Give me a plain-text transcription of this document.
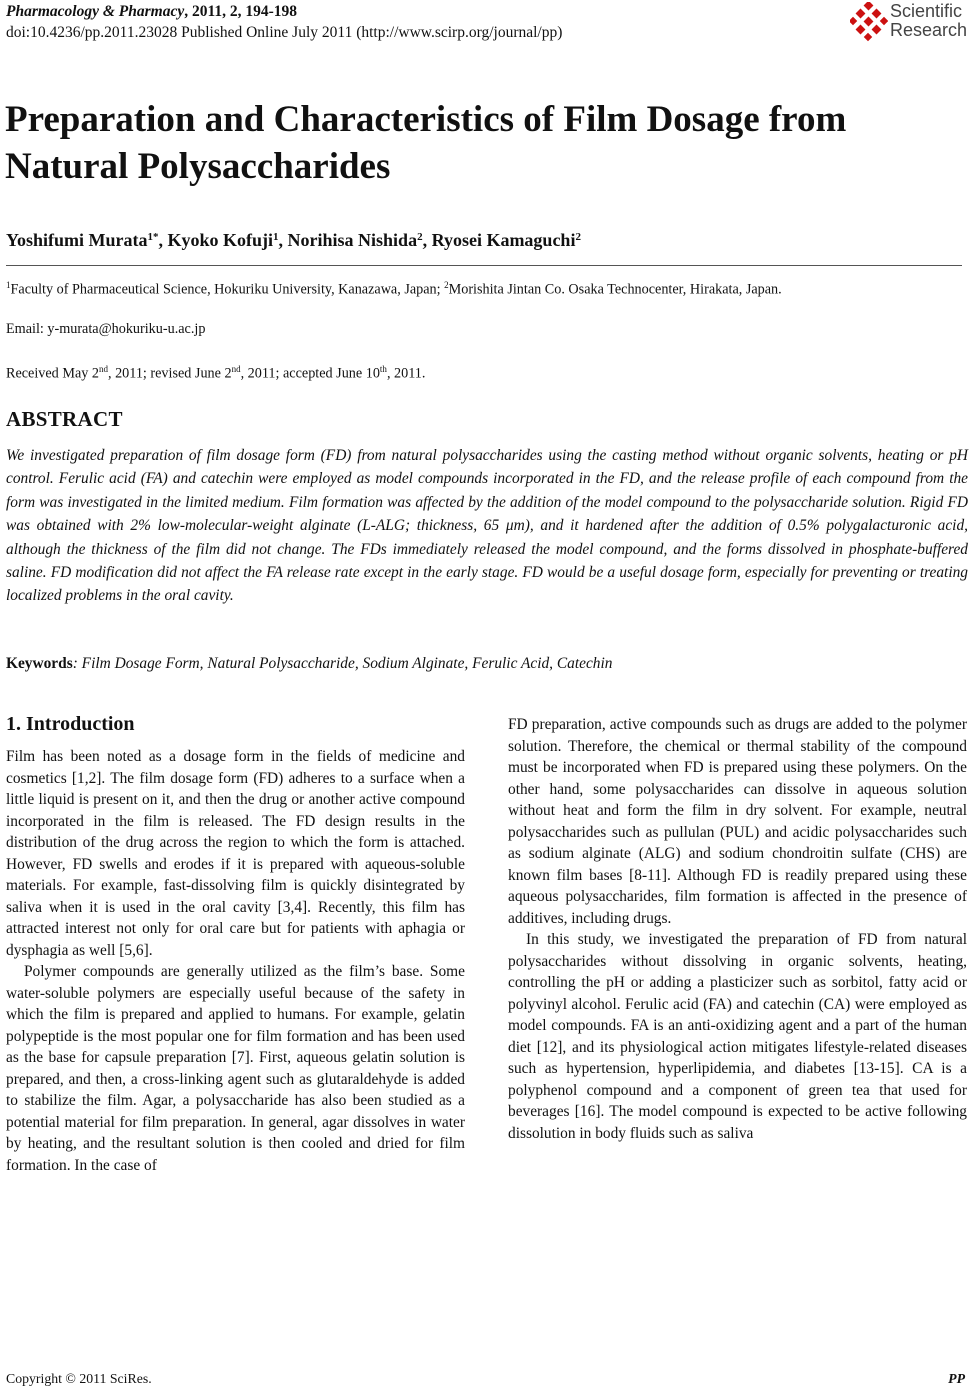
Pharmacology & Pharmacy, 2011, 2, 194-198
doi:10.4236/pp.2011.23028 Published Online July 2011 (http://www.scirp.org/journal/pp)
Scientific
Research
Preparation and Characteristics of Film Dosage from Natural Polysaccharides
Yoshifumi Murata$^{1*}$, Kyoko Kofuji$^1$, Norihisa Nishida$^2$, Ryosei Kamaguchi$^2$
$^1$Faculty of Pharmaceutical Science, Hokuriku University, Kanazawa, Japan; $^2$Morishita Jintan Co. Osaka Technocenter, Hirakata, Japan.
Email: y-murata@hokuriku-u.ac.jp
Received May 2nd, 2011; revised June 2nd, 2011; accepted June 10th, 2011.
ABSTRACT
We investigated preparation of film dosage form (FD) from natural polysaccharides using the casting method without organic solvents, heating or pH control. Ferulic acid (FA) and catechin were employed as model compounds incorporated in the FD, and the release profile of each compound from the form was investigated in the limited medium. Film formation was affected by the addition of the model compound to the polysaccharide solution. Rigid FD was obtained with 2% low-molecular-weight alginate (L-ALG; thickness, 65 μm), and it hardened after the addition of 0.5% polygalacturonic acid, although the thickness of the film did not change. The FDs immediately released the model compound, and the forms dissolved in phosphate-buffered saline. FD modification did not affect the FA release rate except in the early stage. FD would be a useful dosage form, especially for preventing or treating localized problems in the oral cavity.
Keywords: Film Dosage Form, Natural Polysaccharide, Sodium Alginate, Ferulic Acid, Catechin
1. Introduction

Film has been noted as a dosage form in the fields of medicine and cosmetics [1,2]. The film dosage form (FD) adheres to a surface when a little liquid is present on it, and then the drug or another active compound incorporated in the film is released. The FD design results in the distribution of the drug across the region to which the form is attached. However, FD swells and erodes if it is prepared with aqueous-soluble materials. For example, fast-dissolving film is quickly disintegrated by saliva when it is used in the oral cavity [3,4]. Recently, this film has attracted interest not only for oral care but for patients with aphagia or dysphagia as well [5,6].

Polymer compounds are generally utilized as the film’s base. Some water-soluble polymers are especially useful because of the safety in which the film is prepared and applied to humans. For example, gelatin polypeptide is the most popular one for film formation and has been used as the base for capsule preparation [7]. First, aqueous gelatin solution is prepared, and then, a cross-linking agent such as glutaraldehyde is added to stabilize the film. Agar, a polysaccharide has also been studied as a potential material for film preparation. In general, agar dissolves in water by heating, and the resultant solution is then cooled and dried for film formation. In the case of

FD preparation, active compounds such as drugs are added to the polymer solution. Therefore, the chemical or thermal stability of the compound must be incorporated when FD is prepared using these polymers. On the other hand, some polysaccharides can dissolve in aqueous solution without heat and form the film in dry solvent. For example, neutral polysaccharides such as pullulan (PUL) and acidic polysaccharides such as sodium alginate (ALG) and sodium chondroitin sulfate (CHS) are known film bases [8-11]. Although FD is readily prepared using these aqueous polysaccharides, film formation is affected in the presence of additives, including drugs.

In this study, we investigated the preparation of FD from natural polysaccharides without dissolving in organic solvents, heating, controlling the pH or adding a plasticizer such as sorbitol, fatty acid or polyvinyl alcohol. Ferulic acid (FA) and catechin (CA) were employed as model compounds. FA is an anti-oxidizing agent and a part of the human diet [12], and its physiological action mitigates lifestyle-related diseases such as hypertension, hyperlipidemia, and diabetes [13-15]. CA is a polyphenol compound and a component of green tea that used for beverages [16]. The model compound is expected to be active following dissolution in body fluids such as saliva

Copyright © 2011 SciRes.	PP
